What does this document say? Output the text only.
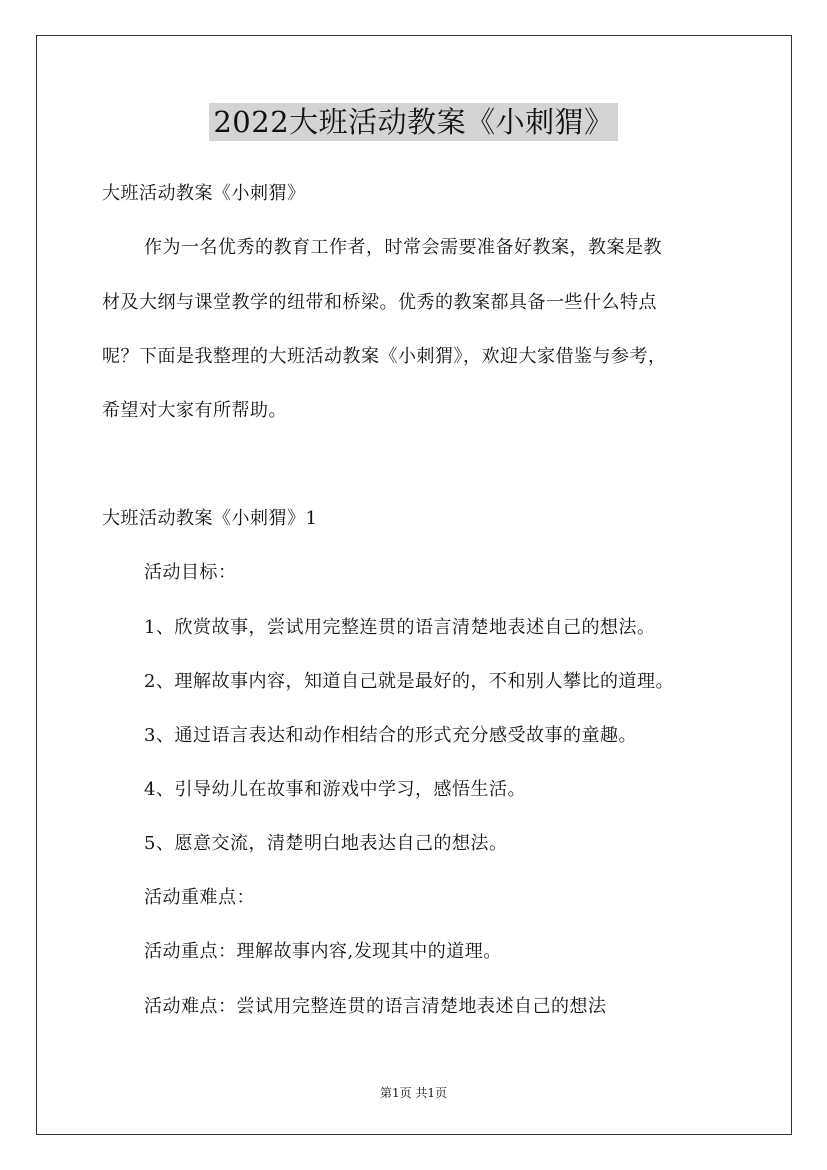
2022大班活动教案《小刺猬》
大班活动教案《小刺猬》
作为一名优秀的教育工作者，时常会需要准备好教案，教案是教
材及大纲与课堂教学的纽带和桥梁。优秀的教案都具备一些什么特点
呢？下面是我整理的大班活动教案《小刺猬》，欢迎大家借鉴与参考，
希望对大家有所帮助。
大班活动教案《小刺猬》1
活动目标：
1、欣赏故事，尝试用完整连贯的语言清楚地表述自己的想法。
2、理解故事内容，知道自己就是最好的，不和别人攀比的道理。
3、通过语言表达和动作相结合的形式充分感受故事的童趣。
4、引导幼儿在故事和游戏中学习，感悟生活。
5、愿意交流，清楚明白地表达自己的想法。
活动重难点：
活动重点：理解故事内容,发现其中的道理。
活动难点：尝试用完整连贯的语言清楚地表述自己的想法
第1页 共1页
